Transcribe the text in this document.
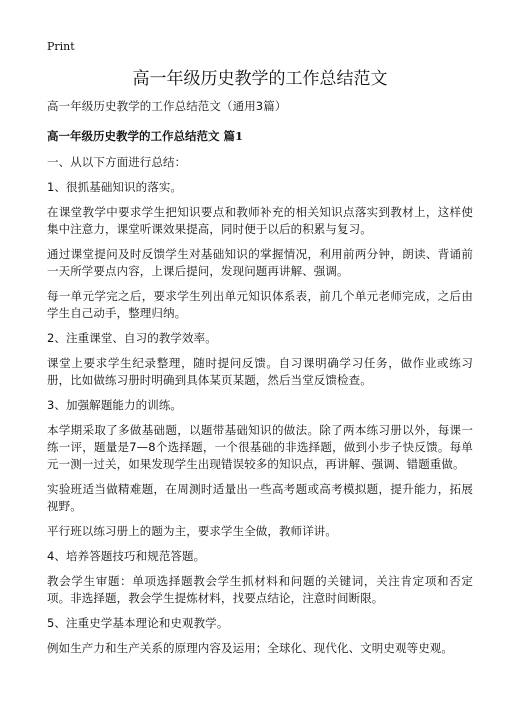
Print
高一年级历史教学的工作总结范文

高一年级历史教学的工作总结范文（通用3篇）

高一年级历史教学的工作总结范文 篇1

一、从以下方面进行总结：

1、很抓基础知识的落实。

在课堂教学中要求学生把知识要点和教师补充的相关知识点落实到教材上，这样使集中注意力，课堂听课效果提高，同时便于以后的积累与复习。

通过课堂提问及时反馈学生对基础知识的掌握情况，利用前两分钟，朗读、背诵前一天所学要点内容，上课后提问，发现问题再讲解、强调。

每一单元学完之后，要求学生列出单元知识体系表，前几个单元老师完成，之后由学生自己动手，整理归纳。

2、注重课堂、自习的教学效率。

课堂上要求学生纪录整理，随时提问反馈。自习课明确学习任务，做作业或练习册，比如做练习册时明确到具体某页某题，然后当堂反馈检查。

3、加强解题能力的训练。

本学期采取了多做基础题，以题带基础知识的做法。除了两本练习册以外，每课一练一评，题量是7—8个选择题，一个很基础的非选择题，做到小步子快反馈。每单元一测一过关，如果发现学生出现错误较多的知识点，再讲解、强调、错题重做。

实验班适当做精难题，在周测时适量出一些高考题或高考模拟题，提升能力，拓展视野。

平行班以练习册上的题为主，要求学生全做，教师详讲。

4、培养答题技巧和规范答题。

教会学生审题：单项选择题教会学生抓材料和问题的关键词，关注肯定项和否定项。非选择题，教会学生提炼材料，找要点结论，注意时间断限。

5、注重史学基本理论和史观教学。

例如生产力和生产关系的原理内容及运用；全球化、现代化、文明史观等史观。
